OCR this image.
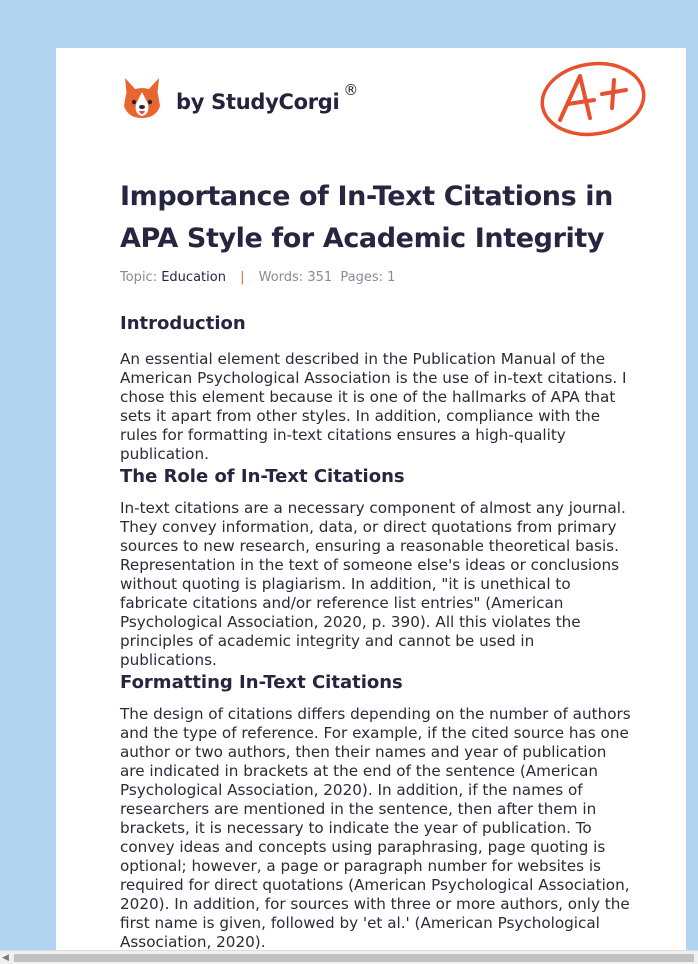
by StudyCorgi ®
Importance of In-Text Citations in APA Style for Academic Integrity
Topic: Education | Words: 351 Pages: 1
Introduction

An essential element described in the Publication Manual of the American Psychological Association is the use of in-text citations. I chose this element because it is one of the hallmarks of APA that sets it apart from other styles. In addition, compliance with the rules for formatting in-text citations ensures a high-quality publication.

The Role of In-Text Citations

In-text citations are a necessary component of almost any journal. They convey information, data, or direct quotations from primary sources to new research, ensuring a reasonable theoretical basis. Representation in the text of someone else's ideas or conclusions without quoting is plagiarism. In addition, "it is unethical to fabricate citations and/or reference list entries" (American Psychological Association, 2020, p. 390). All this violates the principles of academic integrity and cannot be used in publications.

Formatting In-Text Citations

The design of citations differs depending on the number of authors and the type of reference. For example, if the cited source has one author or two authors, then their names and year of publication are indicated in brackets at the end of the sentence (American Psychological Association, 2020). In addition, if the names of researchers are mentioned in the sentence, then after them in brackets, it is necessary to indicate the year of publication. To convey ideas and concepts using paraphrasing, page quoting is optional; however, a page or paragraph number for websites is required for direct quotations (American Psychological Association, 2020). In addition, for sources with three or more authors, only the first name is given, followed by 'et al.' (American Psychological Association, 2020).

◀
